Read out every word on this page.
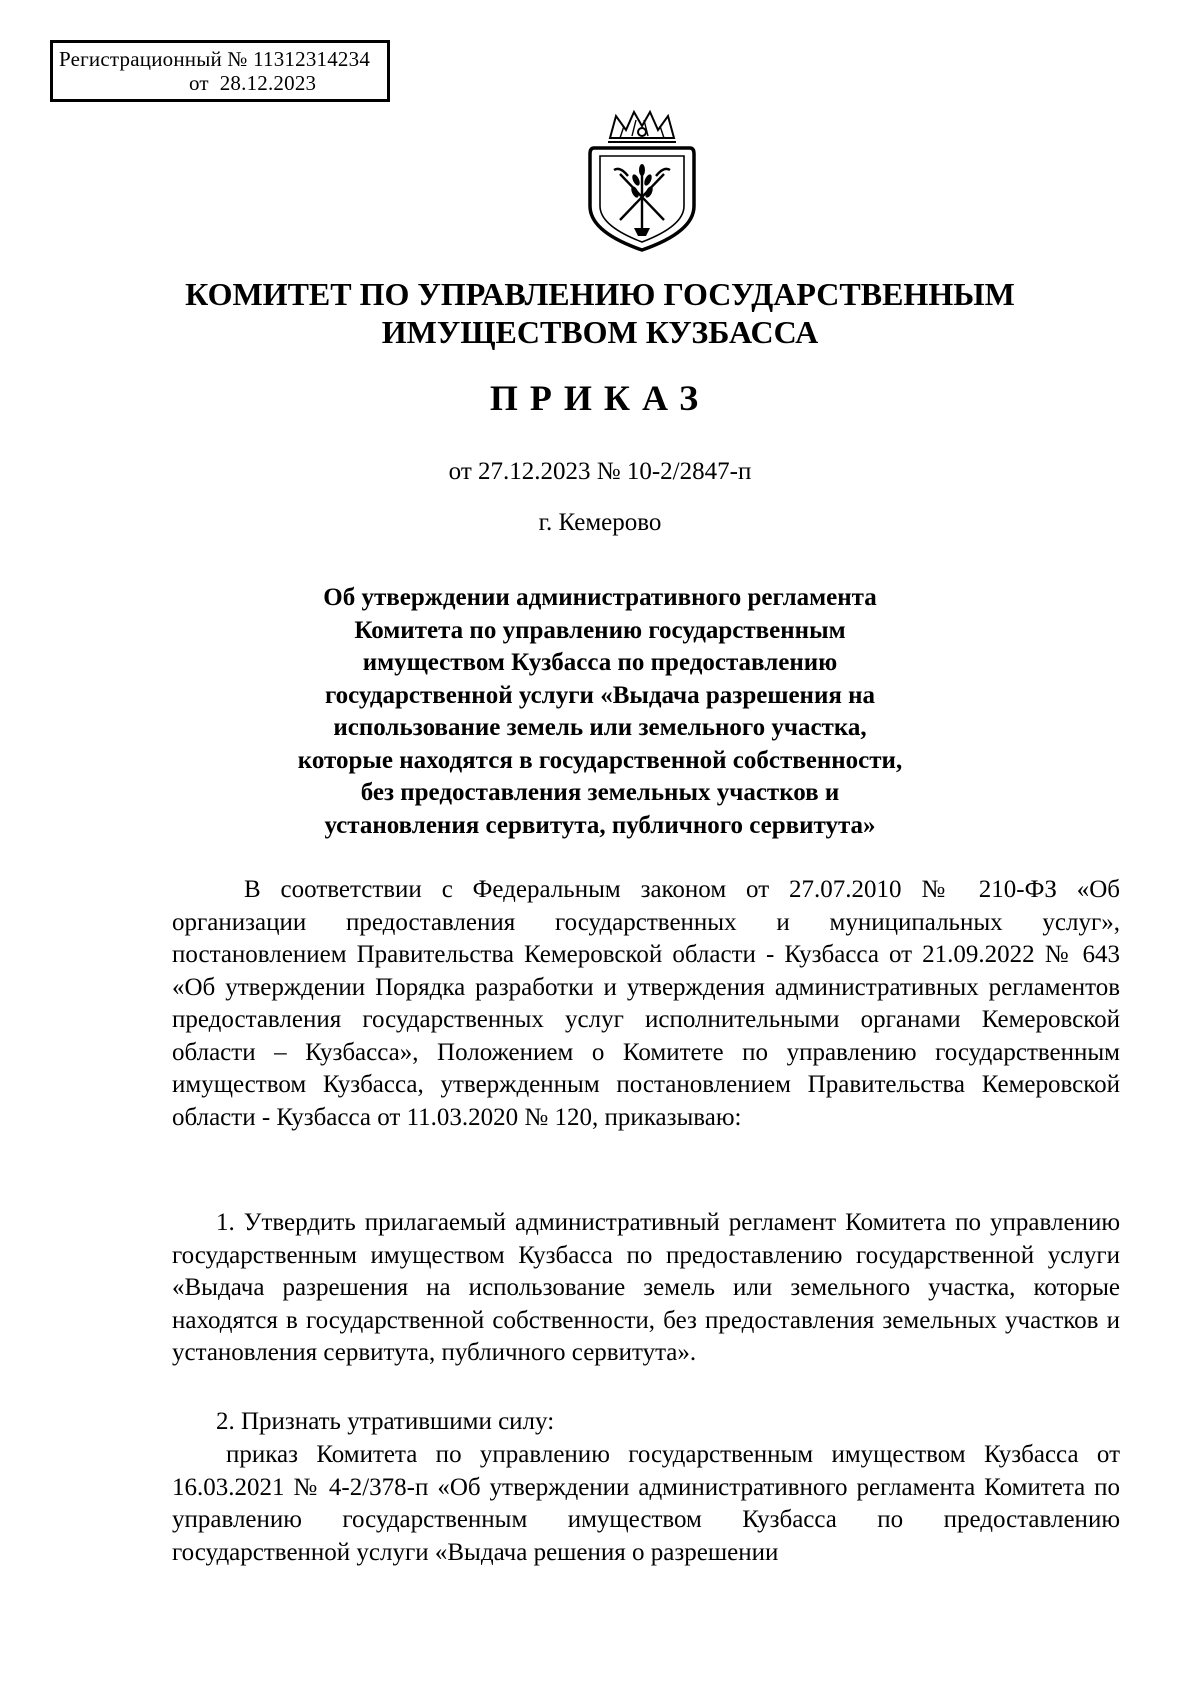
Регистрационный № 11312314234
от 28.12.2023
КОМИТЕТ ПО УПРАВЛЕНИЮ ГОСУДАРСТВЕННЫМ
ИМУЩЕСТВОМ КУЗБАССА
ПРИКАЗ
от 27.12.2023 № 10-2/2847-п
г. Кемерово
Об утверждении административного регламента
Комитета по управлению государственным
имуществом Кузбасса по предоставлению
государственной услуги «Выдача разрешения на
использование земель или земельного участка,
которые находятся в государственной собственности,
без предоставления земельных участков и
установления сервитута, публичного сервитута»
В соответствии с Федеральным законом от 27.07.2010 № 210-ФЗ «Об организации предоставления государственных и муниципальных услуг», постановлением Правительства Кемеровской области - Кузбасса от 21.09.2022 № 643 «Об утверждении Порядка разработки и утверждения административных регламентов предоставления государственных услуг исполнительными органами Кемеровской области – Кузбасса», Положением о Комитете по управлению государственным имуществом Кузбасса, утвержденным постановлением Правительства Кемеровской области - Кузбасса от 11.03.2020 № 120, приказываю:
1. Утвердить прилагаемый административный регламент Комитета по управлению государственным имуществом Кузбасса по предоставлению государственной услуги «Выдача разрешения на использование земель или земельного участка, которые находятся в государственной собственности, без предоставления земельных участков и установления сервитута, публичного сервитута».
2. Признать утратившими силу:
приказ Комитета по управлению государственным имуществом Кузбасса от 16.03.2021 № 4-2/378-п «Об утверждении административного регламента Комитета по управлению государственным имуществом Кузбасса по предоставлению государственной услуги «Выдача решения о разрешении
